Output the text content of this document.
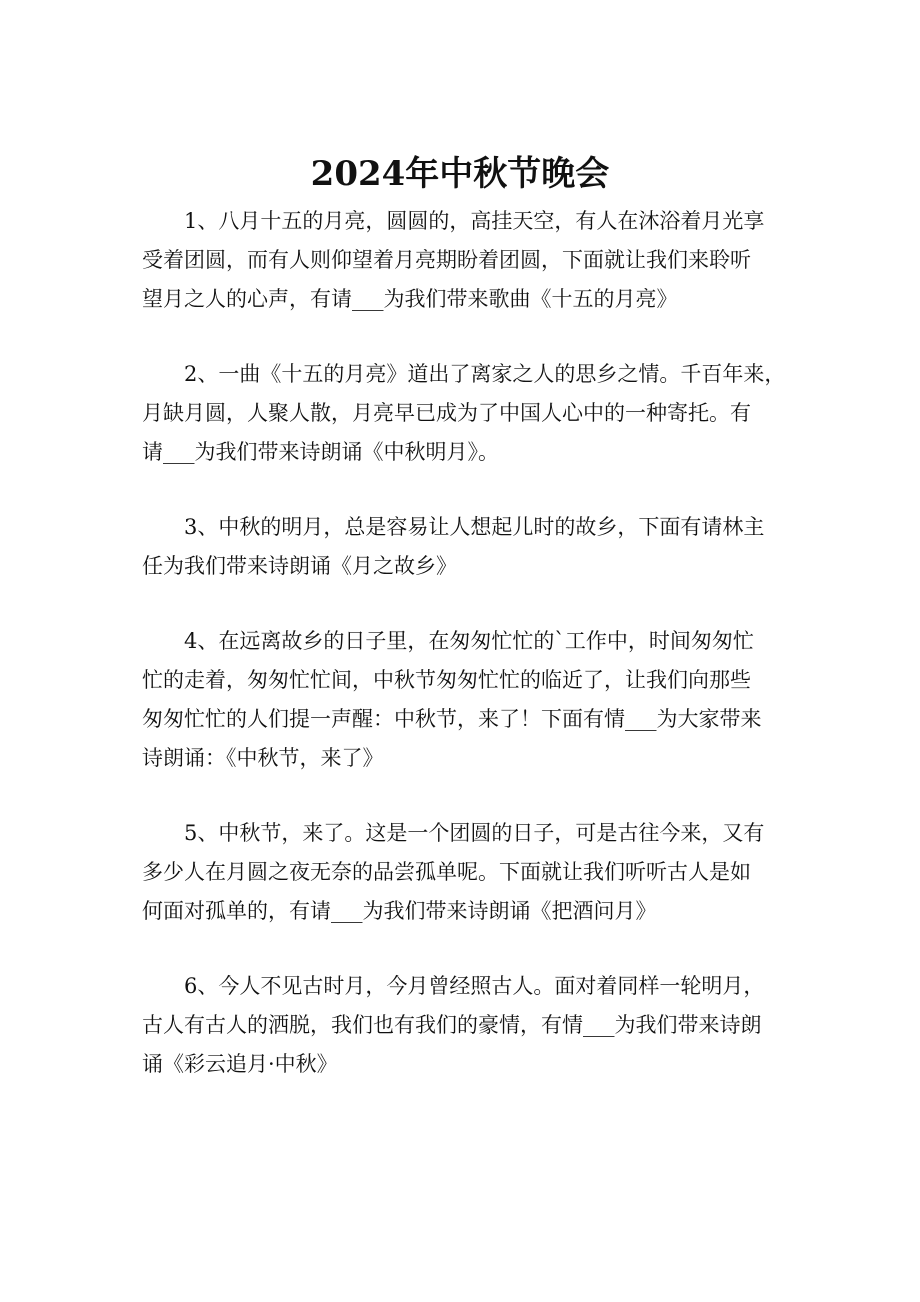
2024年中秋节晚会
1、八月十五的月亮，圆圆的，高挂天空，有人在沐浴着月光享
受着团圆，而有人则仰望着月亮期盼着团圆，下面就让我们来聆听
望月之人的心声，有请___为我们带来歌曲《十五的月亮》
2、一曲《十五的月亮》道出了离家之人的思乡之情。千百年来，
月缺月圆，人聚人散，月亮早已成为了中国人心中的一种寄托。有
请___为我们带来诗朗诵《中秋明月》。
3、中秋的明月，总是容易让人想起儿时的故乡，下面有请林主
任为我们带来诗朗诵《月之故乡》
4、在远离故乡的日子里，在匆匆忙忙的`工作中，时间匆匆忙
忙的走着，匆匆忙忙间，中秋节匆匆忙忙的临近了，让我们向那些
匆匆忙忙的人们提一声醒：中秋节，来了！下面有情___为大家带来
诗朗诵：《中秋节，来了》
5、中秋节，来了。这是一个团圆的日子，可是古往今来，又有
多少人在月圆之夜无奈的品尝孤单呢。下面就让我们听听古人是如
何面对孤单的，有请___为我们带来诗朗诵《把酒问月》
6、今人不见古时月，今月曾经照古人。面对着同样一轮明月，
古人有古人的洒脱，我们也有我们的豪情，有情___为我们带来诗朗
诵《彩云追月·中秋》
